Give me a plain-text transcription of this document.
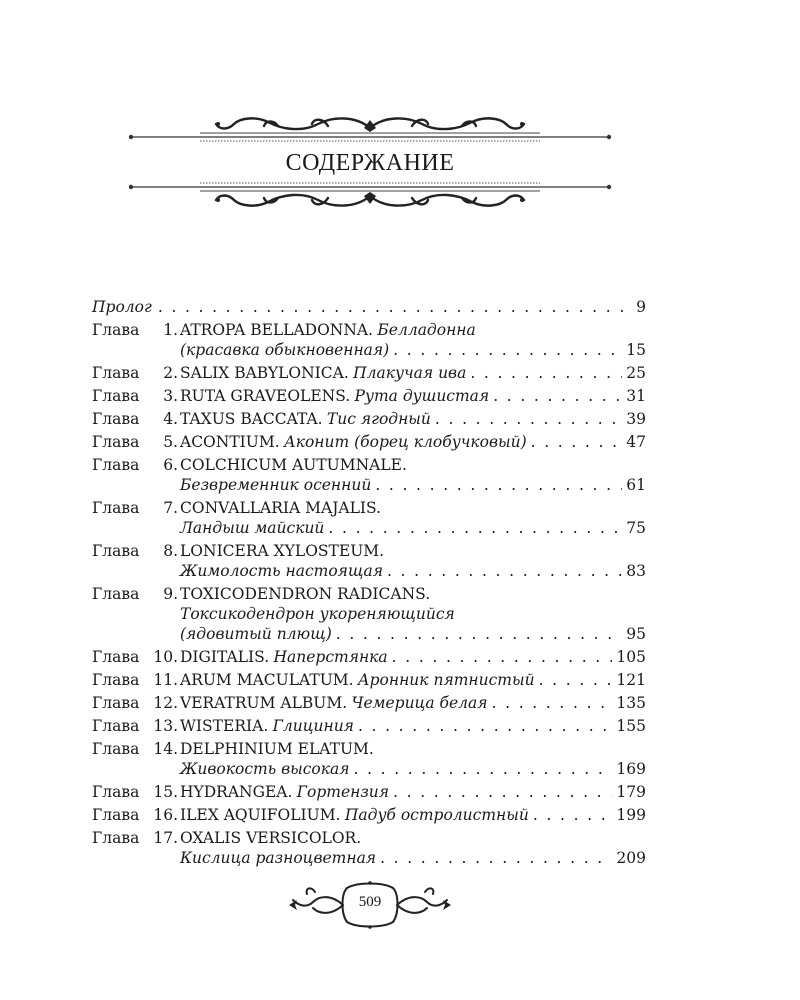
СОДЕРЖАНИЕ
Пролог . . .	9
Глава 1. ATROPA BELLADONNA. Белладонна
(красавка обыкновенная) . . .	15
Глава 2. SALIX BABYLONICA. Плакучая ива . . .	25
Глава 3. RUTA GRAVEOLENS. Рута душистая . . .	31
Глава 4. TAXUS BACCATA. Тис ягодный . . .	39
Глава 5. ACONTIUM. Аконит (борец клобучковый) . . .	47
Глава 6. COLCHICUM AUTUMNALE.
Безвременник осенний . . .	61
Глава 7. CONVALLARIA MAJALIS.
Ландыш майский . . .	75
Глава 8. LONICERA XYLOSTEUM.
Жимолость настоящая . . .	83
Глава 9. TOXICODENDRON RADICANS.
Токсикодендрон укореняющийся
(ядовитый плющ) . . .	95
Глава 10. DIGITALIS. Наперстянка . . .	105
Глава 11. ARUM MACULATUM. Аронник пятнистый . . .	121
Глава 12. VERATRUM ALBUM. Чемерица белая . . .	135
Глава 13. WISTERIA. Глициния . . .	155
Глава 14. DELPHINIUM ELATUM.
Живокость высокая . . .	169
Глава 15. HYDRANGEA. Гортензия . . .	179
Глава 16. ILEX AQUIFOLIUM. Падуб остролистный . . .	199
Глава 17. OXALIS VERSICOLOR.
Кислица разноцветная . . .	209
509
